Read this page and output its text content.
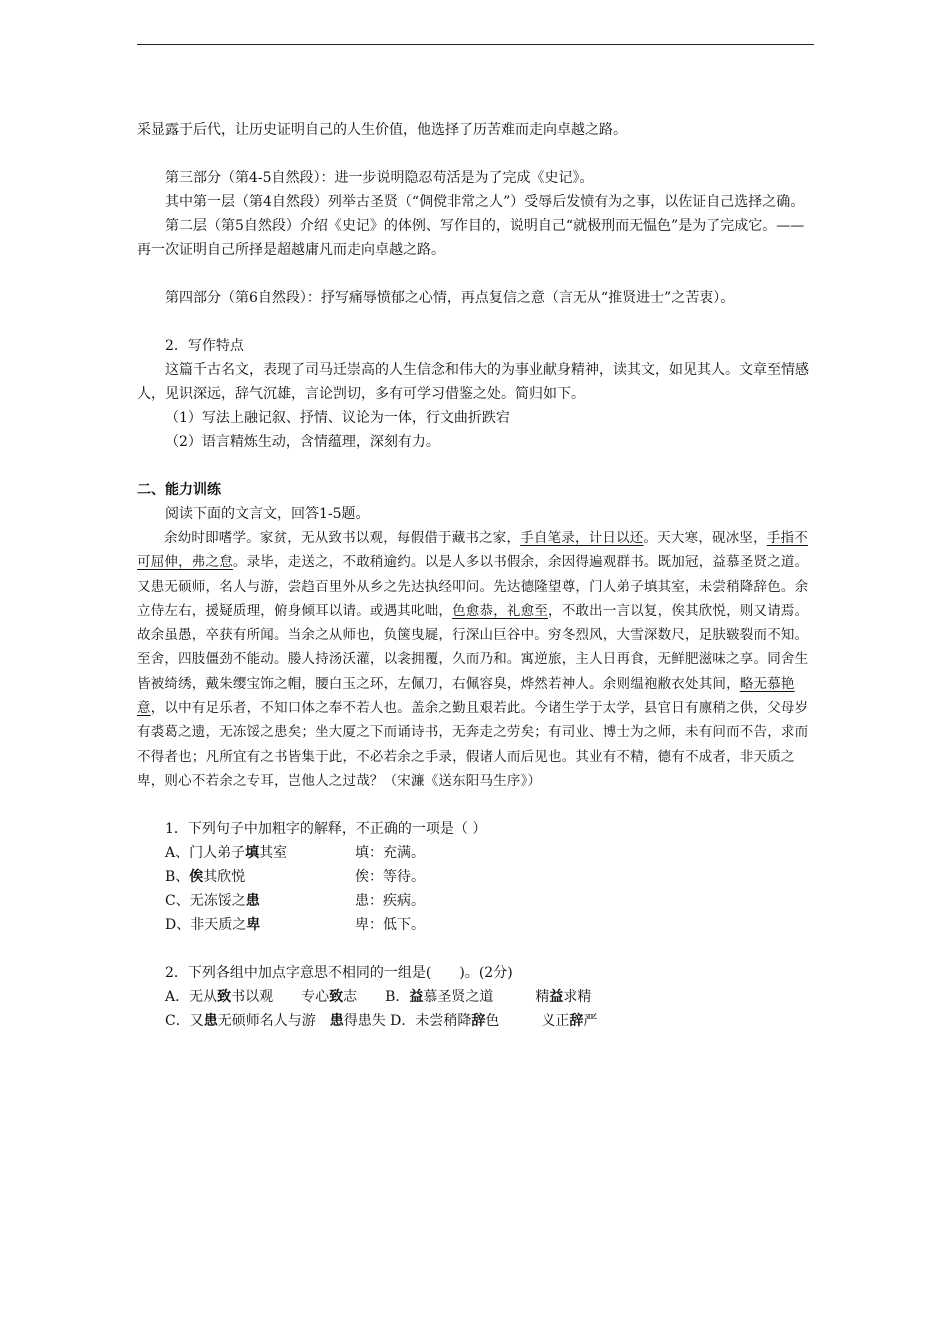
采显露于后代，让历史证明自己的人生价值，他选择了历苦难而走向卓越之路。

第三部分（第4-5自然段）：进一步说明隐忍苟活是为了完成《史记》。

其中第一层（第4自然段）列举古圣贤（“倜傥非常之人”）受辱后发愤有为之事，以佐证自己选择之确。

第二层（第5自然段）介绍《史记》的体例、写作目的，说明自己“就极刑而无愠色”是为了完成它。——再一次证明自己所择是超越庸凡而走向卓越之路。

第四部分（第6自然段）：抒写痛辱愤郁之心情，再点复信之意（言无从“推贤进士”之苦衷）。

2．写作特点

这篇千古名文，表现了司马迁崇高的人生信念和伟大的为事业献身精神，读其文，如见其人。文章至情感人，见识深远，辞气沉雄，言论剀切，多有可学习借鉴之处。简归如下。

（1）写法上融记叙、抒情、议论为一体，行文曲折跌宕

（2）语言精炼生动，含情蕴理，深刻有力。

二、能力训练

阅读下面的文言文，回答1-5题。

余幼时即嗜学。家贫，无从致书以观，每假借于藏书之家，手自笔录，计日以还。天大寒，砚冰坚，手指不可屈伸，弗之怠。录毕，走送之，不敢稍逾约。以是人多以书假余，余因得遍观群书。既加冠，益慕圣贤之道。又患无硕师，名人与游，尝趋百里外从乡之先达执经叩问。先达德隆望尊，门人弟子填其室，未尝稍降辞色。余立侍左右，援疑质理，俯身倾耳以请。或遇其叱咄，色愈恭，礼愈至，不敢出一言以复，俟其欣悦，则又请焉。故余虽愚，卒获有所闻。当余之从师也，负箧曳屣，行深山巨谷中。穷冬烈风，大雪深数尺，足肤皲裂而不知。至舍，四肢僵劲不能动。媵人持汤沃灌，以衾拥覆，久而乃和。寓逆旅，主人日再食，无鲜肥滋味之享。同舍生皆被绮绣，戴朱缨宝饰之帽，腰白玉之环，左佩刀，右佩容臭，烨然若神人。余则缊袍敝衣处其间，略无慕艳意，以中有足乐者，不知口体之奉不若人也。盖余之勤且艰若此。今诸生学于太学，县官日有廪稍之供，父母岁有裘葛之遗，无冻馁之患矣；坐大厦之下而诵诗书，无奔走之劳矣；有司业、博士为之师，未有问而不告，求而不得者也；凡所宜有之书皆集于此，不必若余之手录，假诸人而后见也。其业有不精，德有不成者，非天质之卑，则心不若余之专耳，岂他人之过哉？（宋濂《送东阳马生序》）

1．下列句子中加粗字的解释，不正确的一项是（ ）

A、门人弟子填其室	填：充满。
B、俟其欣悦	俟：等待。
C、无冻馁之患	患：疾病。
D、非天质之卑	卑：低下。

2．下列各组中加点字意思不相同的一组是(　　)。(2分)

A．无从 致 书以观　　专心 致 志　　B． 益 慕圣贤之道　　　精 益 求精
C．又 患 无硕师名人与游　 患 得患失 D．未尝稍降 辞 色　　　义正 辞 严
